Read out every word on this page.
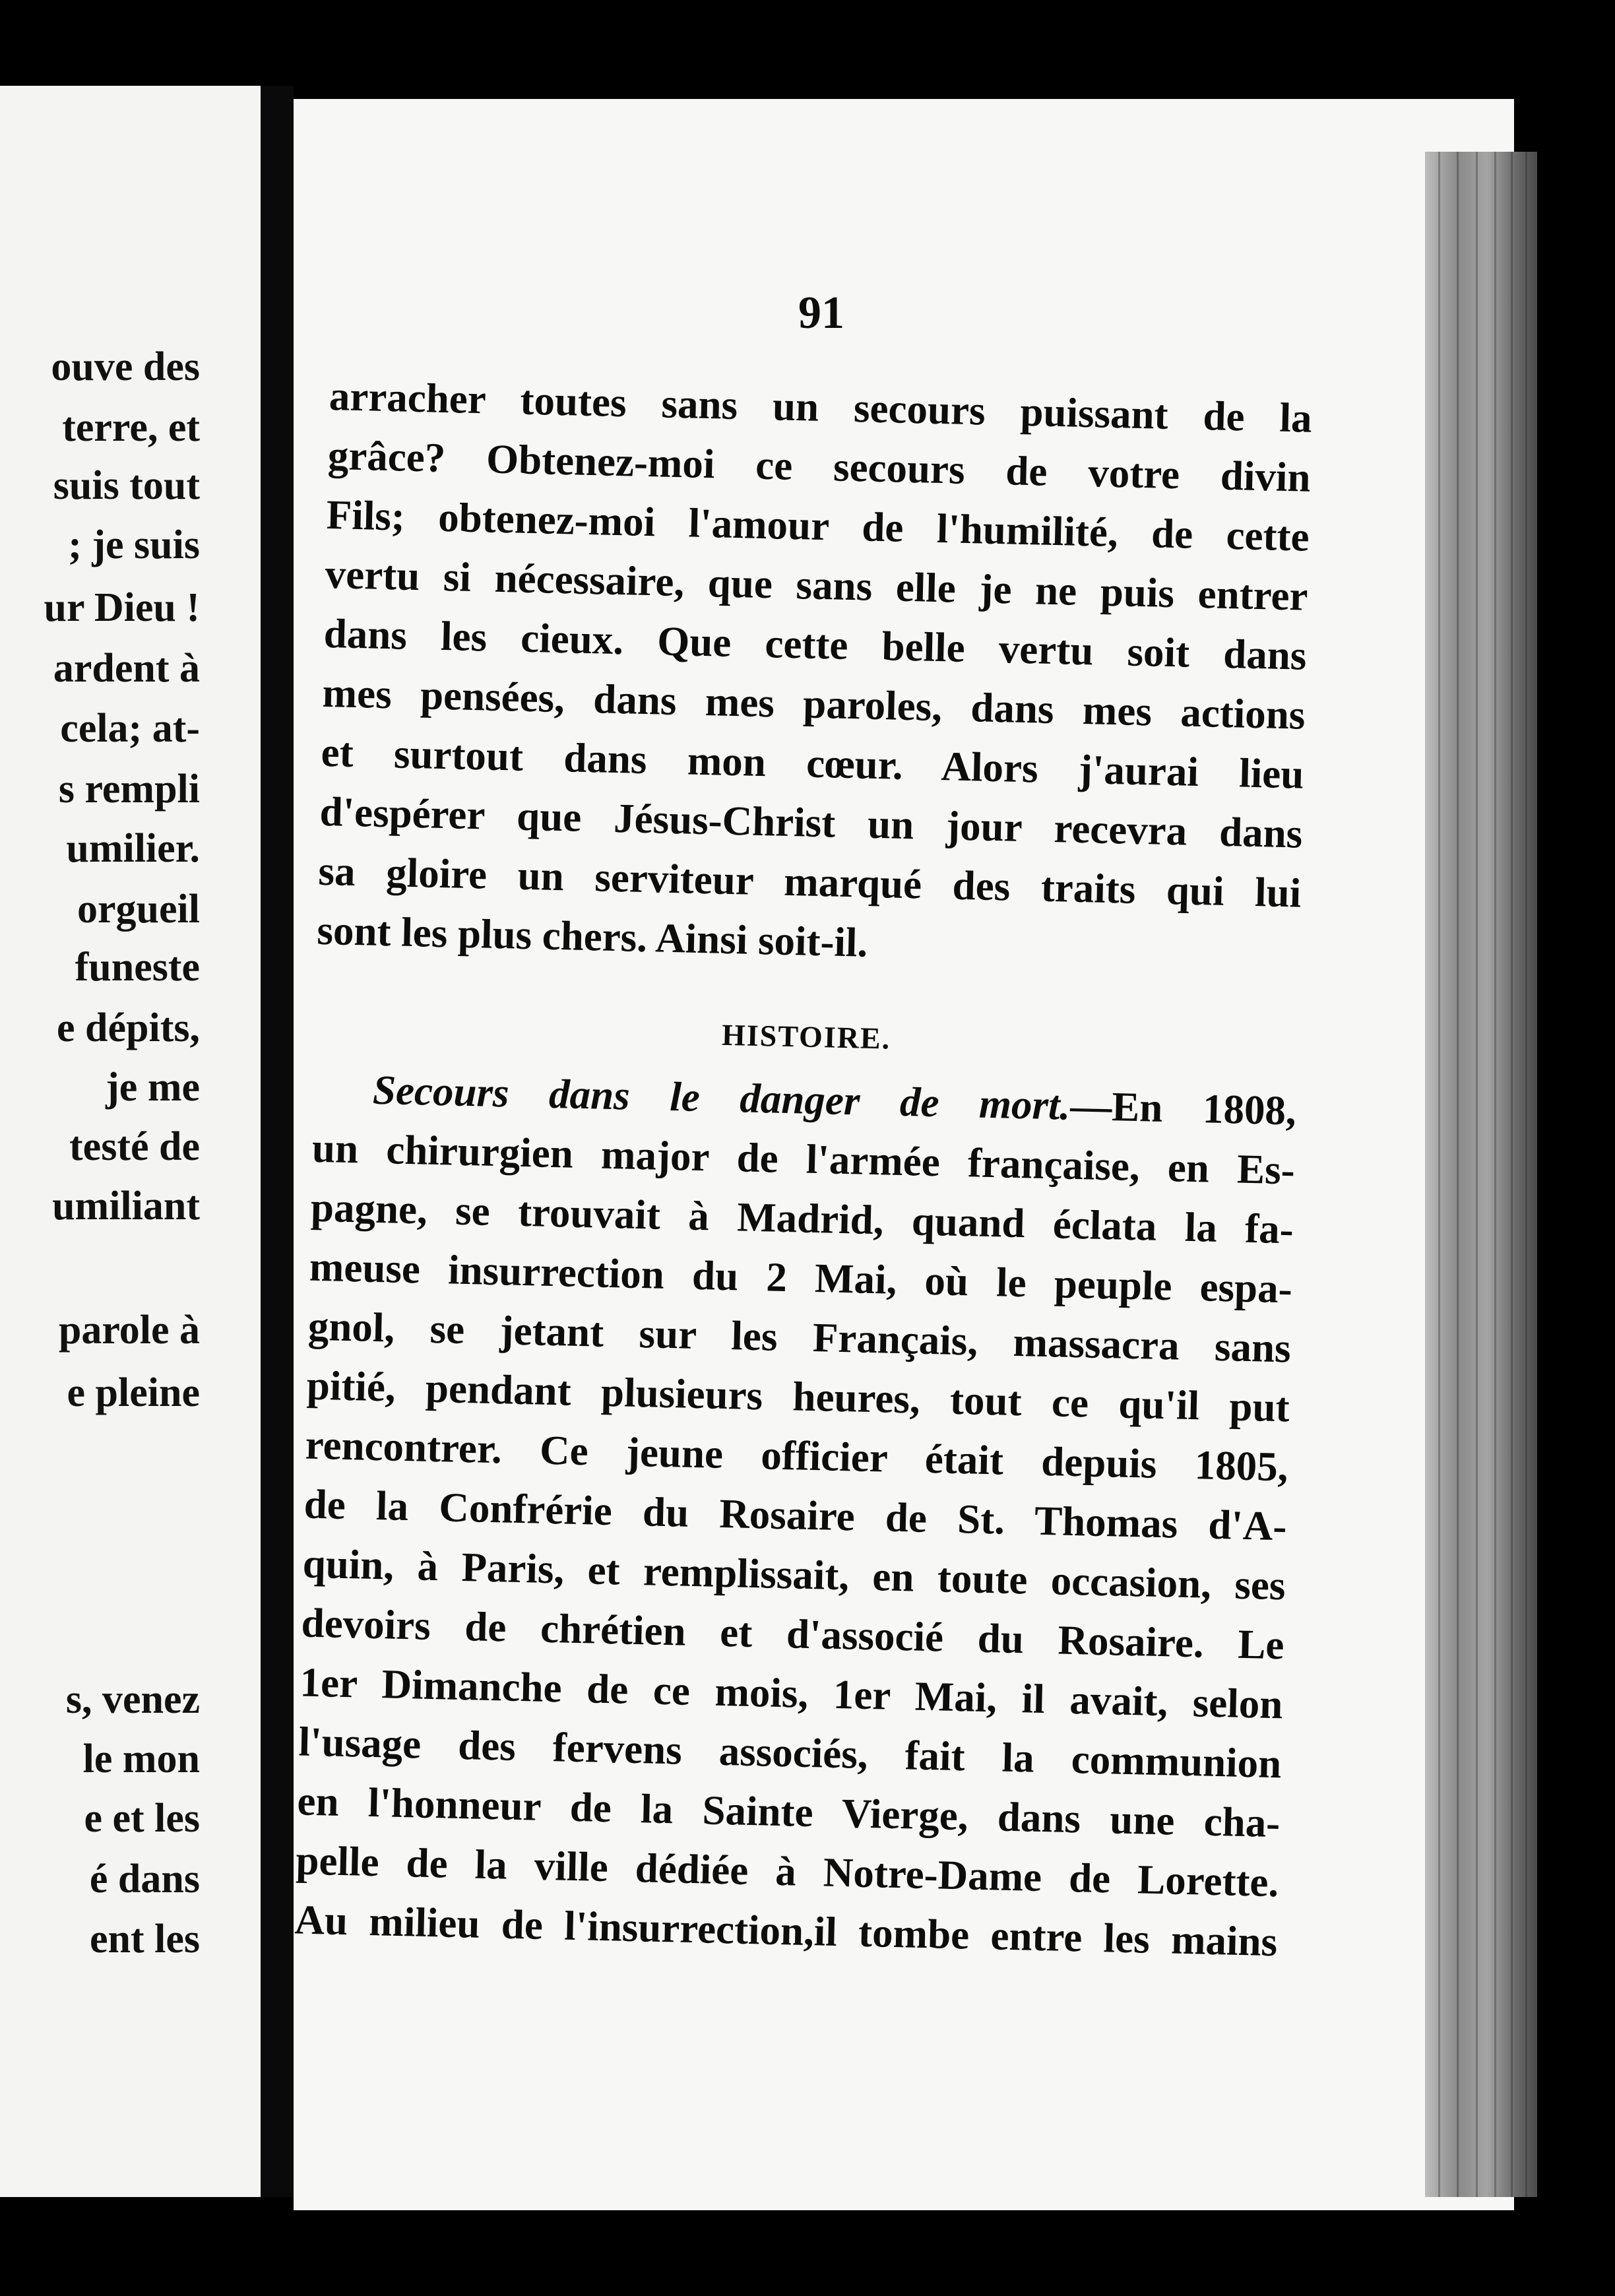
ouve des
terre, et
suis tout
; je suis
ur Dieu !
ardent à
cela; at-
s rempli
umilier.
orgueil
funeste
e dépits,
je me
testé de
umiliant
parole à
e pleine
s, venez
le mon
e et les
é dans
ent les
91
arracher toutes sans un secours puissant de la
grâce? Obtenez-moi ce secours de votre divin
Fils; obtenez-moi l'amour de l'humilité, de cette
vertu si nécessaire, que sans elle je ne puis entrer
dans les cieux. Que cette belle vertu soit dans
mes pensées, dans mes paroles, dans mes actions
et surtout dans mon cœur. Alors j'aurai lieu
d'espérer que Jésus-Christ un jour recevra dans
sa gloire un serviteur marqué des traits qui lui
sont les plus chers. Ainsi soit-il.
HISTOIRE.
Secours dans le danger de mort.—En 1808,
un chirurgien major de l'armée française, en Es-
pagne, se trouvait à Madrid, quand éclata la fa-
meuse insurrection du 2 Mai, où le peuple espa-
gnol, se jetant sur les Français, massacra sans
pitié, pendant plusieurs heures, tout ce qu'il put
rencontrer. Ce jeune officier était depuis 1805,
de la Confrérie du Rosaire de St. Thomas d'A-
quin, à Paris, et remplissait, en toute occasion, ses
devoirs de chrétien et d'associé du Rosaire. Le
1er Dimanche de ce mois, 1er Mai, il avait, selon
l'usage des fervens associés, fait la communion
en l'honneur de la Sainte Vierge, dans une cha-
pelle de la ville dédiée à Notre-Dame de Lorette.
Au milieu de l'insurrection,il tombe entre les mains
